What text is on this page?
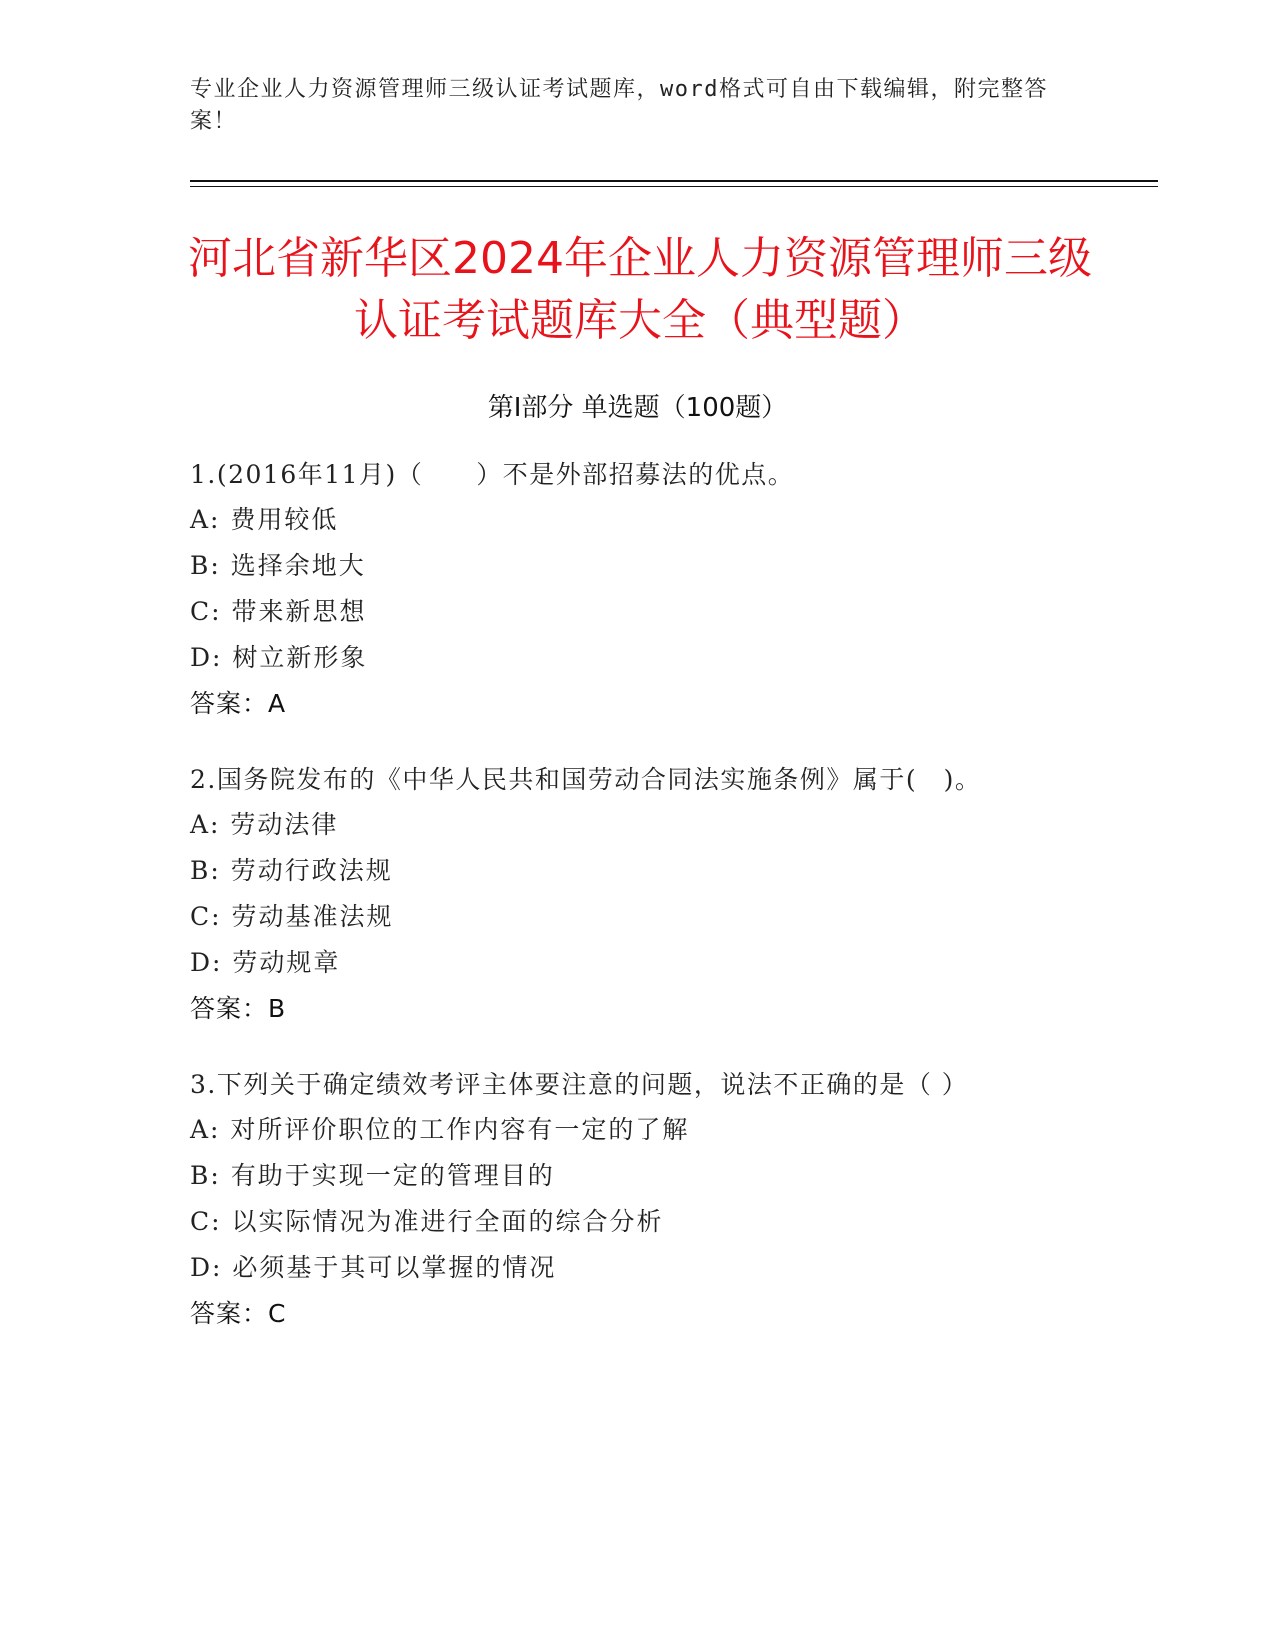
专业企业人力资源管理师三级认证考试题库，word格式可自由下载编辑，附完整答案！
河北省新华区2024年企业人力资源管理师三级认证考试题库大全（典型题）
第Ⅰ部分 单选题（100题）
1.(2016年11月)（　　）不是外部招募法的优点。
A: 费用较低
B: 选择余地大
C: 带来新思想
D: 树立新形象
答案：A
2.国务院发布的《中华人民共和国劳动合同法实施条例》属于(　)。
A: 劳动法律
B: 劳动行政法规
C: 劳动基准法规
D: 劳动规章
答案：B
3.下列关于确定绩效考评主体要注意的问题，说法不正确的是（ ）
A: 对所评价职位的工作内容有一定的了解
B: 有助于实现一定的管理目的
C: 以实际情况为准进行全面的综合分析
D: 必须基于其可以掌握的情况
答案：C
